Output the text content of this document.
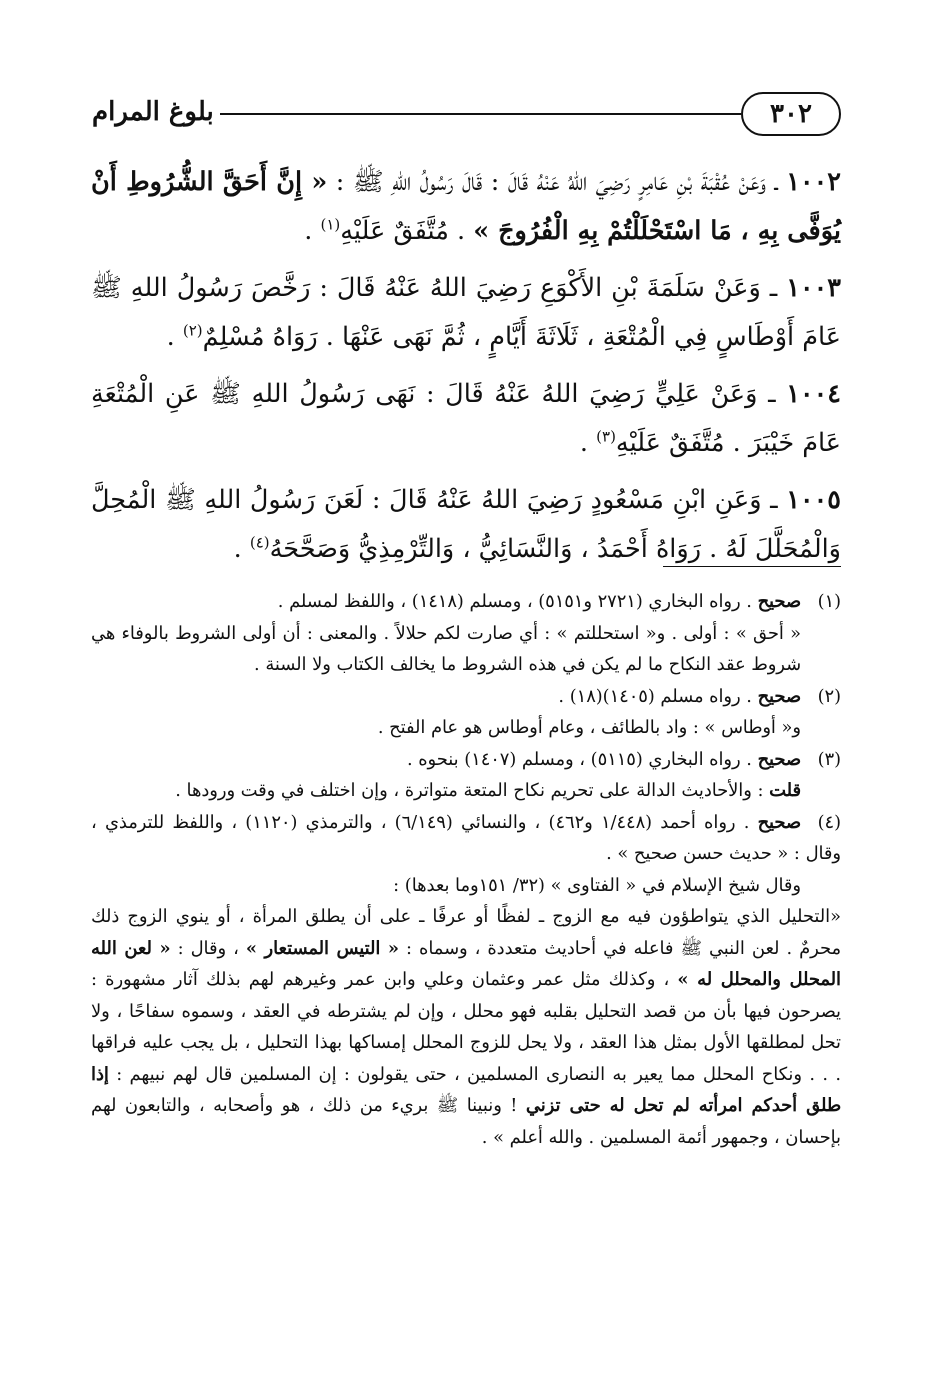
٣٠٢
بلوغ المرام

١٠٠٢ ـ وَعَنْ عُقْبَةَ بْنِ عَامِرٍ رَضِيَ اللهُ عَنْهُ قَالَ : قَالَ رَسُولُ اللهِ ﷺ : « إِنَّ أَحَقَّ الشُّرُوطِ أَنْ يُوَفَّى بِهِ ، مَا اسْتَحْلَلْتُمْ بِهِ الْفُرُوجَ » . مُتَّفَقٌ عَلَيْهِ$^{(١)}$ .

١٠٠٣ ـ وَعَنْ سَلَمَةَ بْنِ الأَكْوَعِ رَضِيَ اللهُ عَنْهُ قَالَ : رَخَّصَ رَسُولُ اللهِ ﷺ عَامَ أَوْطَاسٍ فِي الْمُتْعَةِ ، ثَلَاثَةَ أَيَّامٍ ، ثُمَّ نَهَى عَنْهَا . رَوَاهُ مُسْلِمٌ$^{(٢)}$ .

١٠٠٤ ـ وَعَنْ عَلِيٍّ رَضِيَ اللهُ عَنْهُ قَالَ : نَهَى رَسُولُ اللهِ ﷺ عَنِ الْمُتْعَةِ عَامَ خَيْبَرَ . مُتَّفَقٌ عَلَيْهِ$^{(٣)}$ .

١٠٠٥ ـ وَعَنِ ابْنِ مَسْعُودٍ رَضِيَ اللهُ عَنْهُ قَالَ : لَعَنَ رَسُولُ اللهِ ﷺ الْمُحِلَّ وَالْمُحَلَّلَ لَهُ . رَوَاهُ أَحْمَدُ ، وَالنَّسَائِيُّ ، وَالتِّرْمِذِيُّ وَصَحَّحَهُ$^{(٤)}$ .

(١)صحيح . رواه البخاري (٢٧٢١ و٥١٥١) ، ومسلم (١٤١٨) ، واللفظ لمسلم .

« أحق » : أولى . و« استحللتم » : أي صارت لكم حلالاً . والمعنى : أن أولى الشروط بالوفاء هي شروط عقد النكاح ما لم يكن في هذه الشروط ما يخالف الكتاب ولا السنة .

(٢)صحيح . رواه مسلم (١٤٠٥)(١٨) .

و« أوطاس » : واد بالطائف ، وعام أوطاس هو عام الفتح .

(٣)صحيح . رواه البخاري (٥١١٥) ، ومسلم (١٤٠٧) بنحوه .

قلت : والأحاديث الدالة على تحريم نكاح المتعة متواترة ، وإن اختلف في وقت ورودها .

(٤)صحيح . رواه أحمد (١/٤٤٨ و٤٦٢) ، والنسائي (٦/١٤٩) ، والترمذي (١١٢٠) ، واللفظ للترمذي ، وقال : « حديث حسن صحيح » .

وقال شيخ الإسلام في « الفتاوى » (٣٢/ ١٥١وما بعدها) :

«التحليل الذي يتواطؤون فيه مع الزوج ـ لفظًا أو عرفًا ـ على أن يطلق المرأة ، أو ينوي الزوج ذلك محرمٌ . لعن النبي ﷺ فاعله في أحاديث متعددة ، وسماه : « التيس المستعار » ، وقال : « لعن الله المحلل والمحلل له » ، وكذلك مثل عمر وعثمان وعلي وابن عمر وغيرهم لهم بذلك آثار مشهورة : يصرحون فيها بأن من قصد التحليل بقلبه فهو محلل ، وإن لم يشترطه في العقد ، وسموه سفاحًا ، ولا تحل لمطلقها الأول بمثل هذا العقد ، ولا يحل للزوج المحلل إمساكها بهذا التحليل ، بل يجب عليه فراقها . . . ونكاح المحلل مما يعير به النصارى المسلمين ، حتى يقولون : إن المسلمين قال لهم نبيهم : إذا طلق أحدكم امرأته لم تحل له حتى تزني ! ونبينا ﷺ بريء من ذلك ، هو وأصحابه ، والتابعون لهم بإحسان ، وجمهور أئمة المسلمين . والله أعلم » .
